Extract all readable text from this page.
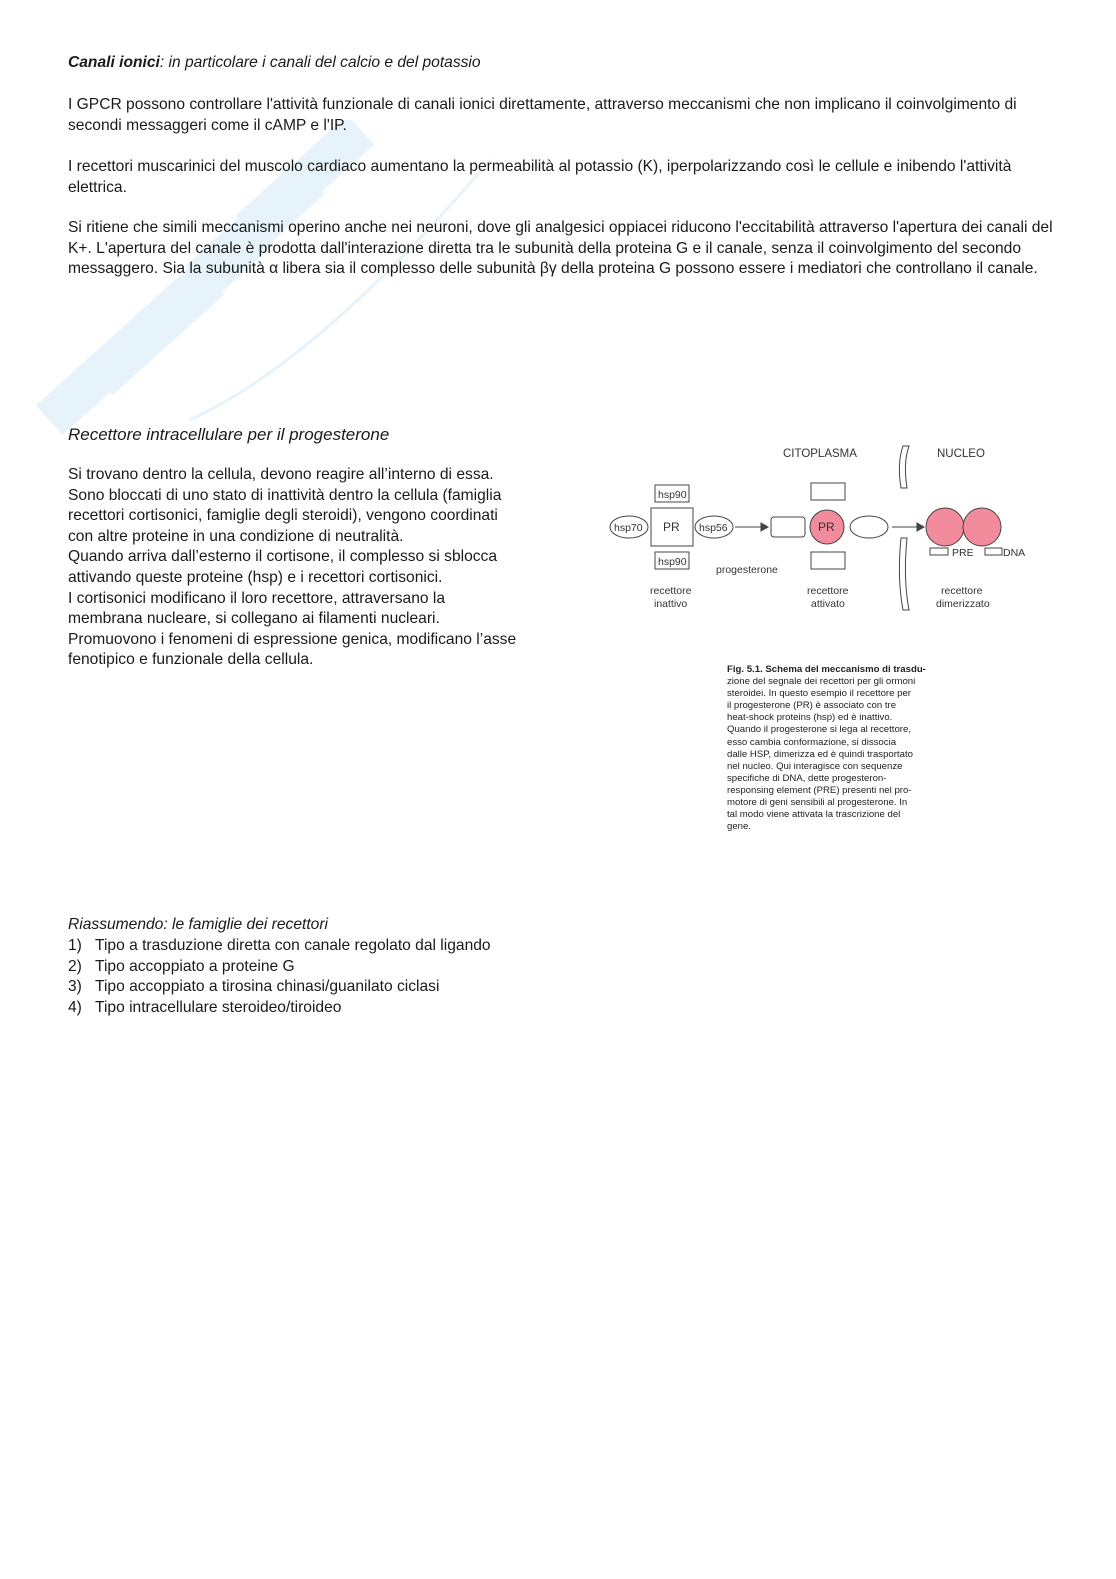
Canali ionici: in particolare i canali del calcio e del potassio

I GPCR possono controllare l'attività funzionale di canali ionici direttamente, attraverso meccanismi che non implicano il coinvolgimento di secondi messaggeri come il cAMP e l'IP.

I recettori muscarinici del muscolo cardiaco aumentano la permeabilità al potassio (K), iperpolarizzando così le cellule e inibendo l'attività elettrica.

Si ritiene che simili meccanismi operino anche nei neuroni, dove gli analgesici oppiacei riducono l'eccitabilità attraverso l'apertura dei canali del K+. L'apertura del canale è prodotta dall'interazione diretta tra le subunità della proteina G e il canale, senza il coinvolgimento del secondo messaggero. Sia la subunità α libera sia il complesso delle subunità βγ della proteina G possono essere i mediatori che controllano il canale.

Recettore intracellulare per il progesterone

Si trovano dentro la cellula, devono reagire all’interno di essa.
Sono bloccati di uno stato di inattività dentro la cellula (famiglia
recettori cortisonici, famiglie degli steroidi), vengono coordinati
con altre proteine in una condizione di neutralità.
Quando arriva dall’esterno il cortisone, il complesso si sblocca
attivando queste proteine (hsp) e i recettori cortisonici.
I cortisonici modificano il loro recettore, attraversano la
membrana nucleare, si collegano ai filamenti nucleari.
Promuovono i fenomeni di espressione genica, modificano l’asse
fenotipico e funzionale della cellula.
CITOPLASMA	NUCLEO
hsp90
PR
hsp70	hsp56
hsp90
PR
PRE	DNA
progesterone
recettore
inattivo
recettore
attivato
recettore
dimerizzato
Fig. 5.1. Schema del meccanismo di trasdu-
zione del segnale dei recettori per gli ormoni
steroidei. In questo esempio il recettore per
il progesterone (PR) è associato con tre
heat-shock proteins (hsp) ed è inattivo.
Quando il progesterone si lega al recettore,
esso cambia conformazione, si dissocia
dalle HSP, dimerizza ed è quindi trasportato
nel nucleo. Qui interagisce con sequenze
specifiche di DNA, dette progesteron-
responsing element (PRE) presenti nel pro-
motore di geni sensibili al progesterone. In
tal modo viene attivata la trascrizione del
gene.
Riassumendo: le famiglie dei recettori
1) Tipo a trasduzione diretta con canale regolato dal ligando
2) Tipo accoppiato a proteine G
3) Tipo accoppiato a tirosina chinasi/guanilato ciclasi
4) Tipo intracellulare steroideo/tiroideo
